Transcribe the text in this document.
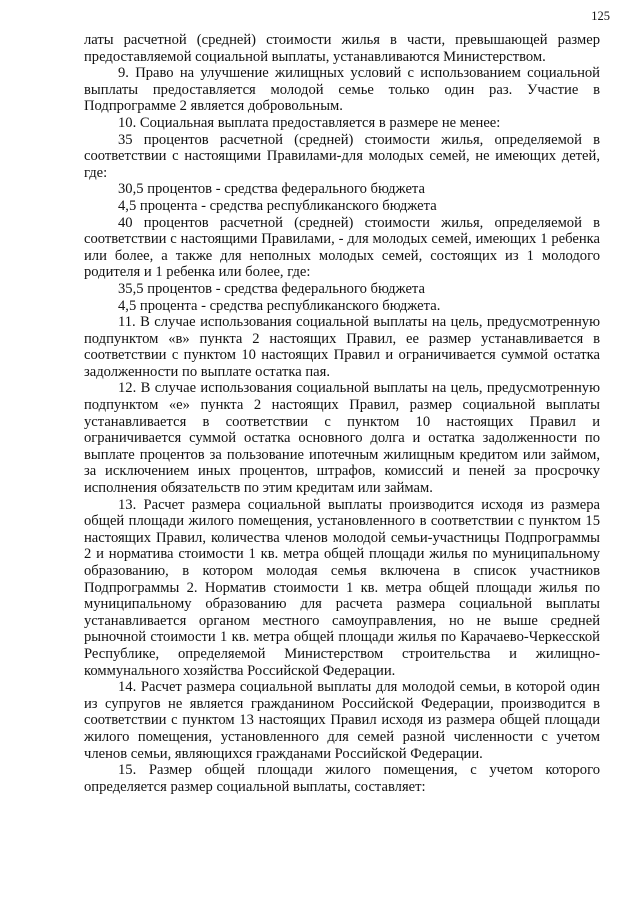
125

латы расчетной (средней) стоимости жилья в части, превышающей размер предоставляемой социальной выплаты, устанавливаются Министерством.

9. Право на улучшение жилищных условий с использованием социальной выплаты предоставляется молодой семье только один раз. Участие в Подпрограмме 2 является добровольным.

10. Социальная выплата предоставляется в размере не менее:

35 процентов расчетной (средней) стоимости жилья, определяемой в соответствии с настоящими Правилами-для молодых семей, не имеющих детей, где:

30,5 процентов - средства федерального бюджета

4,5 процента - средства республиканского бюджета

40 процентов расчетной (средней) стоимости жилья, определяемой в соответствии с настоящими Правилами, - для молодых семей, имеющих 1 ребенка или более, а также для неполных молодых семей, состоящих из 1 молодого родителя и 1 ребенка или более, где:

35,5 процентов - средства федерального бюджета

4,5 процента - средства республиканского бюджета.

11. В случае использования социальной выплаты на цель, предусмотренную подпунктом «в» пункта 2 настоящих Правил, ее размер устанавливается в соответствии с пунктом 10 настоящих Правил и ограничивается суммой остатка задолженности по выплате остатка пая.

12. В случае использования социальной выплаты на цель, предусмотренную подпунктом «е» пункта 2 настоящих Правил, размер социальной выплаты устанавливается в соответствии с пунктом 10 настоящих Правил и ограничивается суммой остатка основного долга и остатка задолженности по выплате процентов за пользование ипотечным жилищным кредитом или займом, за исключением иных процентов, штрафов, комиссий и пеней за просрочку исполнения обязательств по этим кредитам или займам.

13. Расчет размера социальной выплаты производится исходя из размера общей площади жилого помещения, установленного в соответствии с пунктом 15 настоящих Правил, количества членов молодой семьи-участницы Подпрограммы 2 и норматива стоимости 1 кв. метра общей площади жилья по муниципальному образованию, в котором молодая семья включена в список участников Подпрограммы 2. Норматив стоимости 1 кв. метра общей площади жилья по муниципальному образованию для расчета размера социальной выплаты устанавливается органом местного самоуправления, но не выше средней рыночной стоимости 1 кв. метра общей площади жилья по Карачаево-Черкесской Республике, определяемой Министерством строительства и жилищно-коммунального хозяйства Российской Федерации.

14. Расчет размера социальной выплаты для молодой семьи, в которой один из супругов не является гражданином Российской Федерации, производится в соответствии с пунктом 13 настоящих Правил исходя из размера общей площади жилого помещения, установленного для семей разной численности с учетом членов семьи, являющихся гражданами Российской Федерации.

15. Размер общей площади жилого помещения, с учетом которого определяется размер социальной выплаты, составляет:
